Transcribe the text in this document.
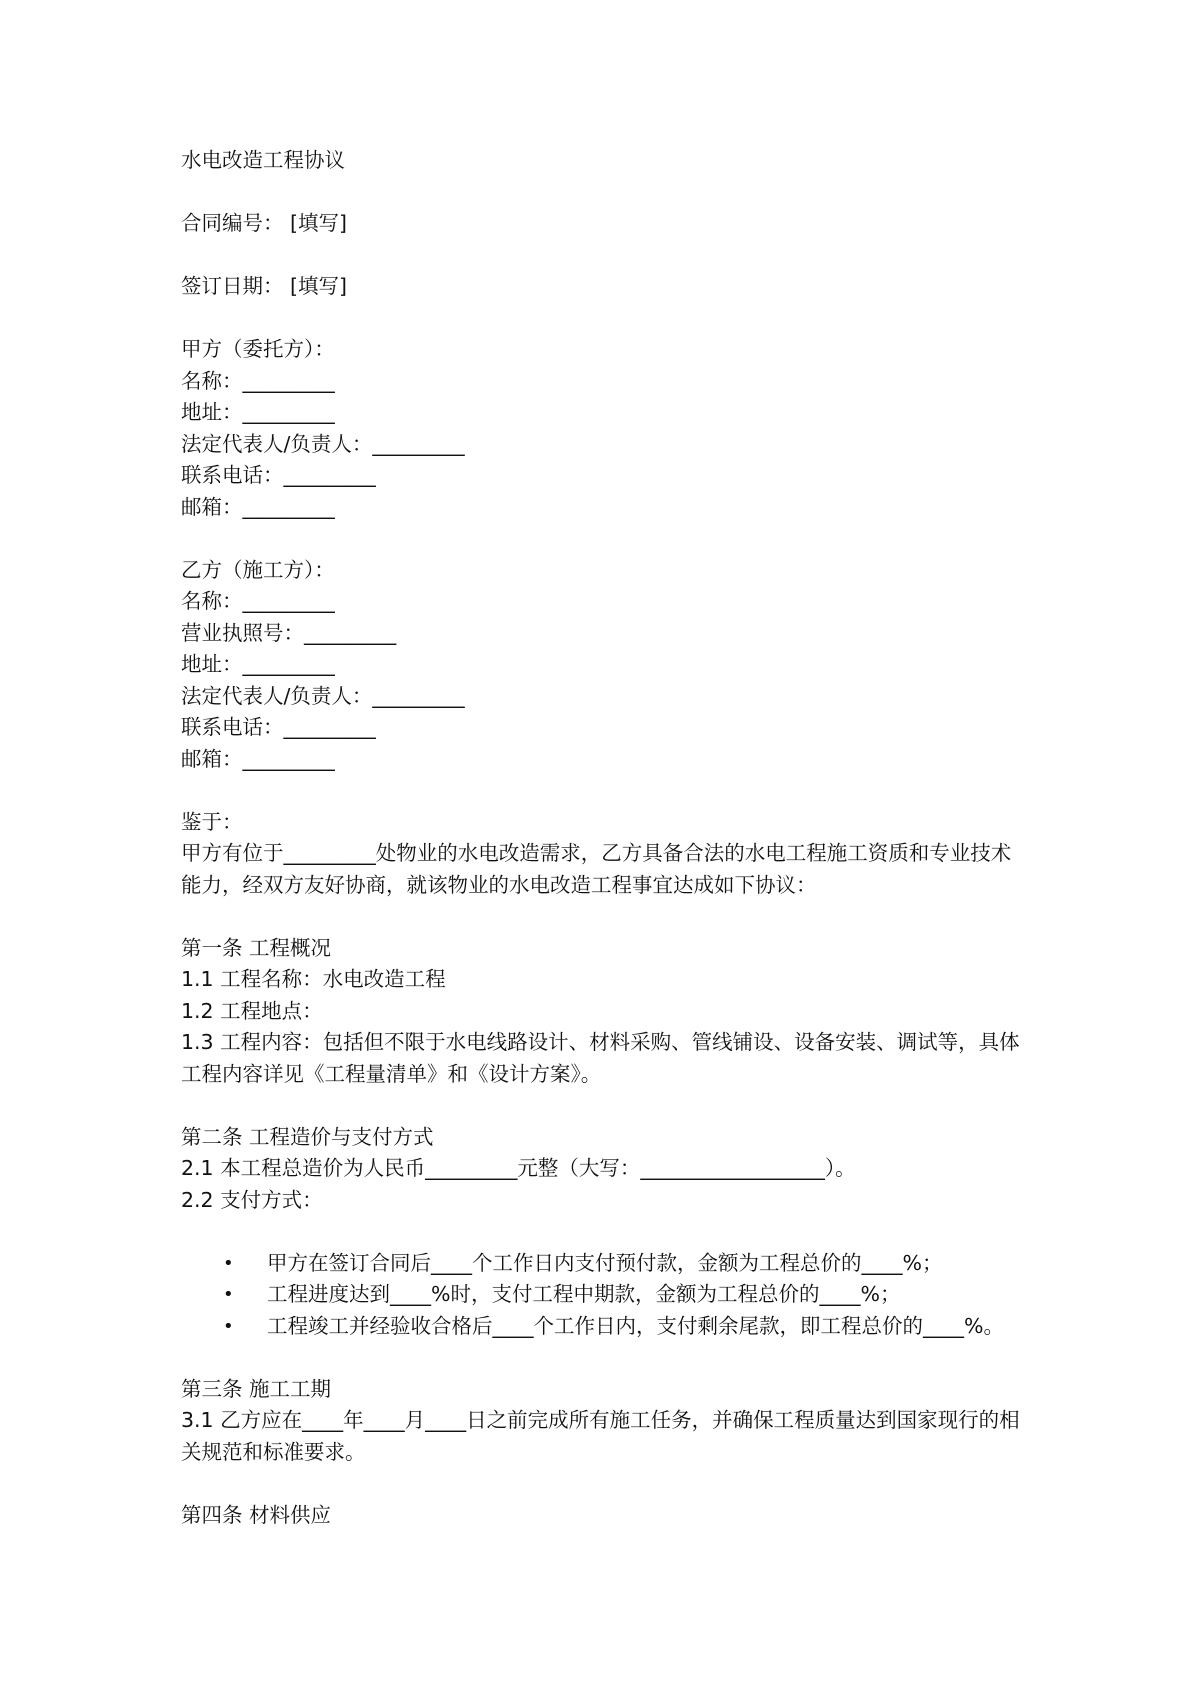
水电改造工程协议
合同编号： [填写]
签订日期： [填写]
甲方（委托方）：
名称：_________
地址：_________
法定代表人/负责人：_________
联系电话：_________
邮箱：_________
乙方（施工方）：
名称：_________
营业执照号：_________
地址：_________
法定代表人/负责人：_________
联系电话：_________
邮箱：_________
鉴于：
甲方有位于_________处物业的水电改造需求，乙方具备合法的水电工程施工资质和专业技术能力，经双方友好协商，就该物业的水电改造工程事宜达成如下协议：
第一条 工程概况
1.1 工程名称：水电改造工程
1.2 工程地点：
1.3 工程内容：包括但不限于水电线路设计、材料采购、管线铺设、设备安装、调试等，具体工程内容详见《工程量清单》和《设计方案》。
第二条 工程造价与支付方式
2.1 本工程总造价为人民币_________元整（大写：__________________）。
2.2 支付方式：
• 甲方在签订合同后____个工作日内支付预付款，金额为工程总价的____%；
• 工程进度达到____%时，支付工程中期款，金额为工程总价的____%；
• 工程竣工并经验收合格后____个工作日内，支付剩余尾款，即工程总价的____%。
第三条 施工工期
3.1 乙方应在____年____月____日之前完成所有施工任务，并确保工程质量达到国家现行的相关规范和标准要求。
第四条 材料供应
